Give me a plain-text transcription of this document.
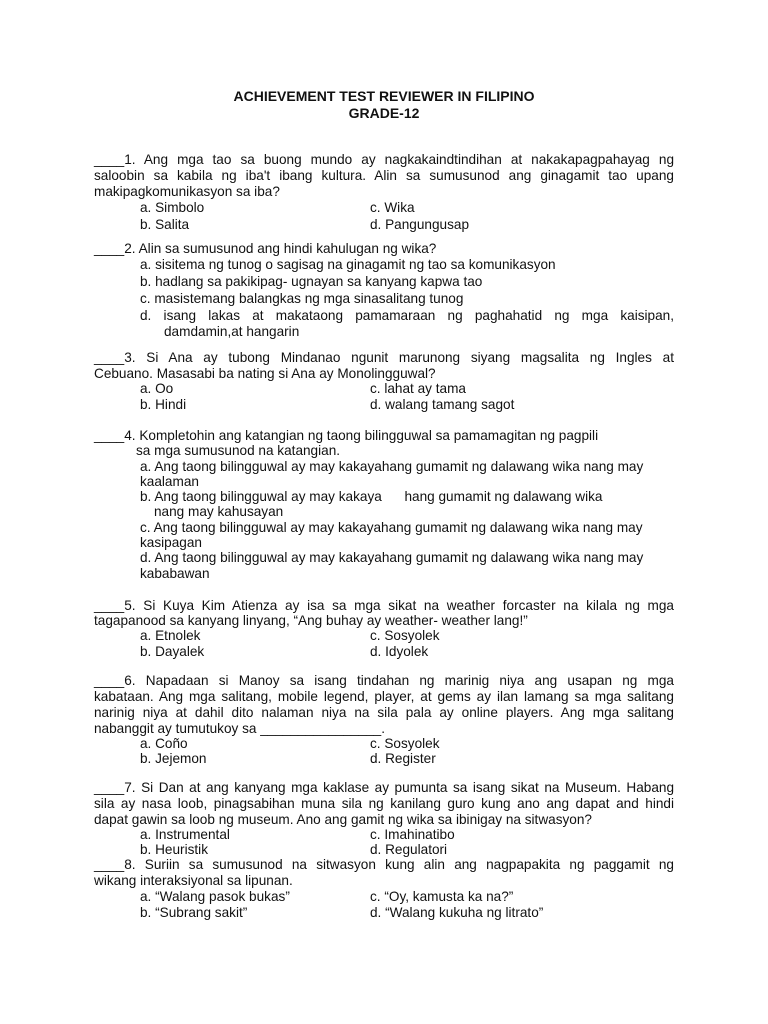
ACHIEVEMENT TEST REVIEWER IN FILIPINO
GRADE-12
____1. Ang mga tao sa buong mundo ay nagkakaindtindihan at nakakapagpahayag ng
saloobin sa kabila ng iba't ibang kultura. Alin sa sumusunod ang ginagamit tao upang
makipagkomunikasyon sa iba?
a. Simbolo	c. Wika
b. Salita	d. Pangungusap
____2. Alin sa sumusunod ang hindi kahulugan ng wika?
a. sisitema ng tunog o sagisag na ginagamit ng tao sa komunikasyon
b. hadlang sa pakikipag- ugnayan sa kanyang kapwa tao
c. masistemang balangkas ng mga sinasalitang tunog
d. isang lakas at makataong pamamaraan ng paghahatid ng mga kaisipan,
damdamin,at hangarin
____3. Si Ana ay tubong Mindanao ngunit marunong siyang magsalita ng Ingles at
Cebuano. Masasabi ba nating si Ana ay Monolingguwal?
a. Oo	c. lahat ay tama
b. Hindi	d. walang tamang sagot
____4. Kompletohin ang katangian ng taong bilingguwal sa pamamagitan ng pagpili
sa mga sumusunod na katangian.
a. Ang taong bilingguwal ay may kakayahang gumamit ng dalawang wika nang may
kaalaman
b. Ang taong bilingguwal ay may kakaya      hang gumamit ng dalawang wika
nang may kahusayan
c. Ang taong bilingguwal ay may kakayahang gumamit ng dalawang wika nang may
kasipagan
d. Ang taong bilingguwal ay may kakayahang gumamit ng dalawang wika nang may
kababawan
____5. Si Kuya Kim Atienza ay isa sa mga sikat na weather forcaster na kilala ng mga
tagapanood sa kanyang linyang, “Ang buhay ay weather- weather lang!”
a. Etnolek	c. Sosyolek
b. Dayalek	d. Idyolek
____6. Napadaan si Manoy sa isang tindahan ng marinig niya ang usapan ng mga
kabataan. Ang mga salitang, mobile legend, player, at gems ay ilan lamang sa mga salitang
narinig niya at dahil dito nalaman niya na sila pala ay online players. Ang mga salitang
nabanggit ay tumutukoy sa ________________.
a. Coño	c. Sosyolek
b. Jejemon	d. Register
____7. Si Dan at ang kanyang mga kaklase ay pumunta sa isang sikat na Museum. Habang
sila ay nasa loob, pinagsabihan muna sila ng kanilang guro kung ano ang dapat and hindi
dapat gawin sa loob ng museum. Ano ang gamit ng wika sa ibinigay na sitwasyon?
a. Instrumental	c. Imahinatibo
b. Heuristik	d. Regulatori
____8. Suriin sa sumusunod na sitwasyon kung alin ang nagpapakita ng paggamit ng
wikang interaksiyonal sa lipunan.
a. “Walang pasok bukas”	c. “Oy, kamusta ka na?”
b. “Subrang sakit”	d. “Walang kukuha ng litrato”
